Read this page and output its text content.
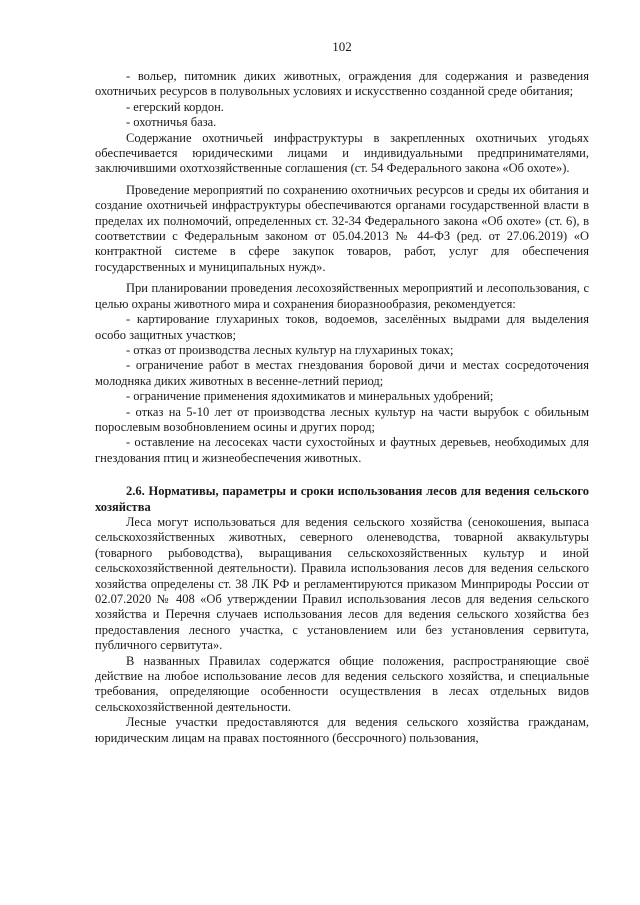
102

- вольер, питомник диких животных, ограждения для содержания и разведения охотничьих ресурсов в полувольных условиях и искусственно созданной среде обитания;

- егерский кордон.

- охотничья база.

Содержание охотничьей инфраструктуры в закрепленных охотничьих угодьях обеспечивается юридическими лицами и индивидуальными предпринимателями, заключившими охотхозяйственные соглашения (ст. 54 Федерального закона «Об охоте»).

Проведение мероприятий по сохранению охотничьих ресурсов и среды их обитания и создание охотничьей инфраструктуры обеспечиваются органами государственной власти в пределах их полномочий, определенных ст. 32-34 Федерального закона «Об охоте» (ст. 6), в соответствии с Федеральным законом от 05.04.2013 № 44-ФЗ (ред. от 27.06.2019) «О контрактной системе в сфере закупок товаров, работ, услуг для обеспечения государственных и муниципальных нужд».

При планировании проведения лесохозяйственных мероприятий и лесопользования, с целью охраны животного мира и сохранения биоразнообразия, рекомендуется:

- картирование глухариных токов, водоемов, заселённых выдрами для выделения особо защитных участков;

- отказ от производства лесных культур на глухариных токах;

- ограничение работ в местах гнездования боровой дичи и местах сосредоточения молодняка диких животных в весенне-летний период;

- ограничение применения ядохимикатов и минеральных удобрений;

- отказ на 5-10 лет от производства лесных культур на части вырубок с обильным порослевым возобновлением осины и других пород;

- оставление на лесосеках части сухостойных и фаутных деревьев, необходимых для гнездования птиц и жизнеобеспечения животных.

2.6. Нормативы, параметры и сроки использования лесов для ведения сельского хозяйства

Леса могут использоваться для ведения сельского хозяйства (сенокошения, выпаса сельскохозяйственных животных, северного оленеводства, товарной аквакультуры (товарного рыбоводства), выращивания сельскохозяйственных культур и иной сельскохозяйственной деятельности). Правила использования лесов для ведения сельского хозяйства определены ст. 38 ЛК РФ и регламентируются приказом Минприроды России от 02.07.2020 № 408 «Об утверждении Правил использования лесов для ведения сельского хозяйства и Перечня случаев использования лесов для ведения сельского хозяйства без предоставления лесного участка, с установлением или без установления сервитута, публичного сервитута».

В названных Правилах содержатся общие положения, распространяющие своё действие на любое использование лесов для ведения сельского хозяйства, и специальные требования, определяющие особенности осуществления в лесах отдельных видов сельскохозяйственной деятельности.

Лесные участки предоставляются для ведения сельского хозяйства гражданам, юридическим лицам на правах постоянного (бессрочного) пользования,
